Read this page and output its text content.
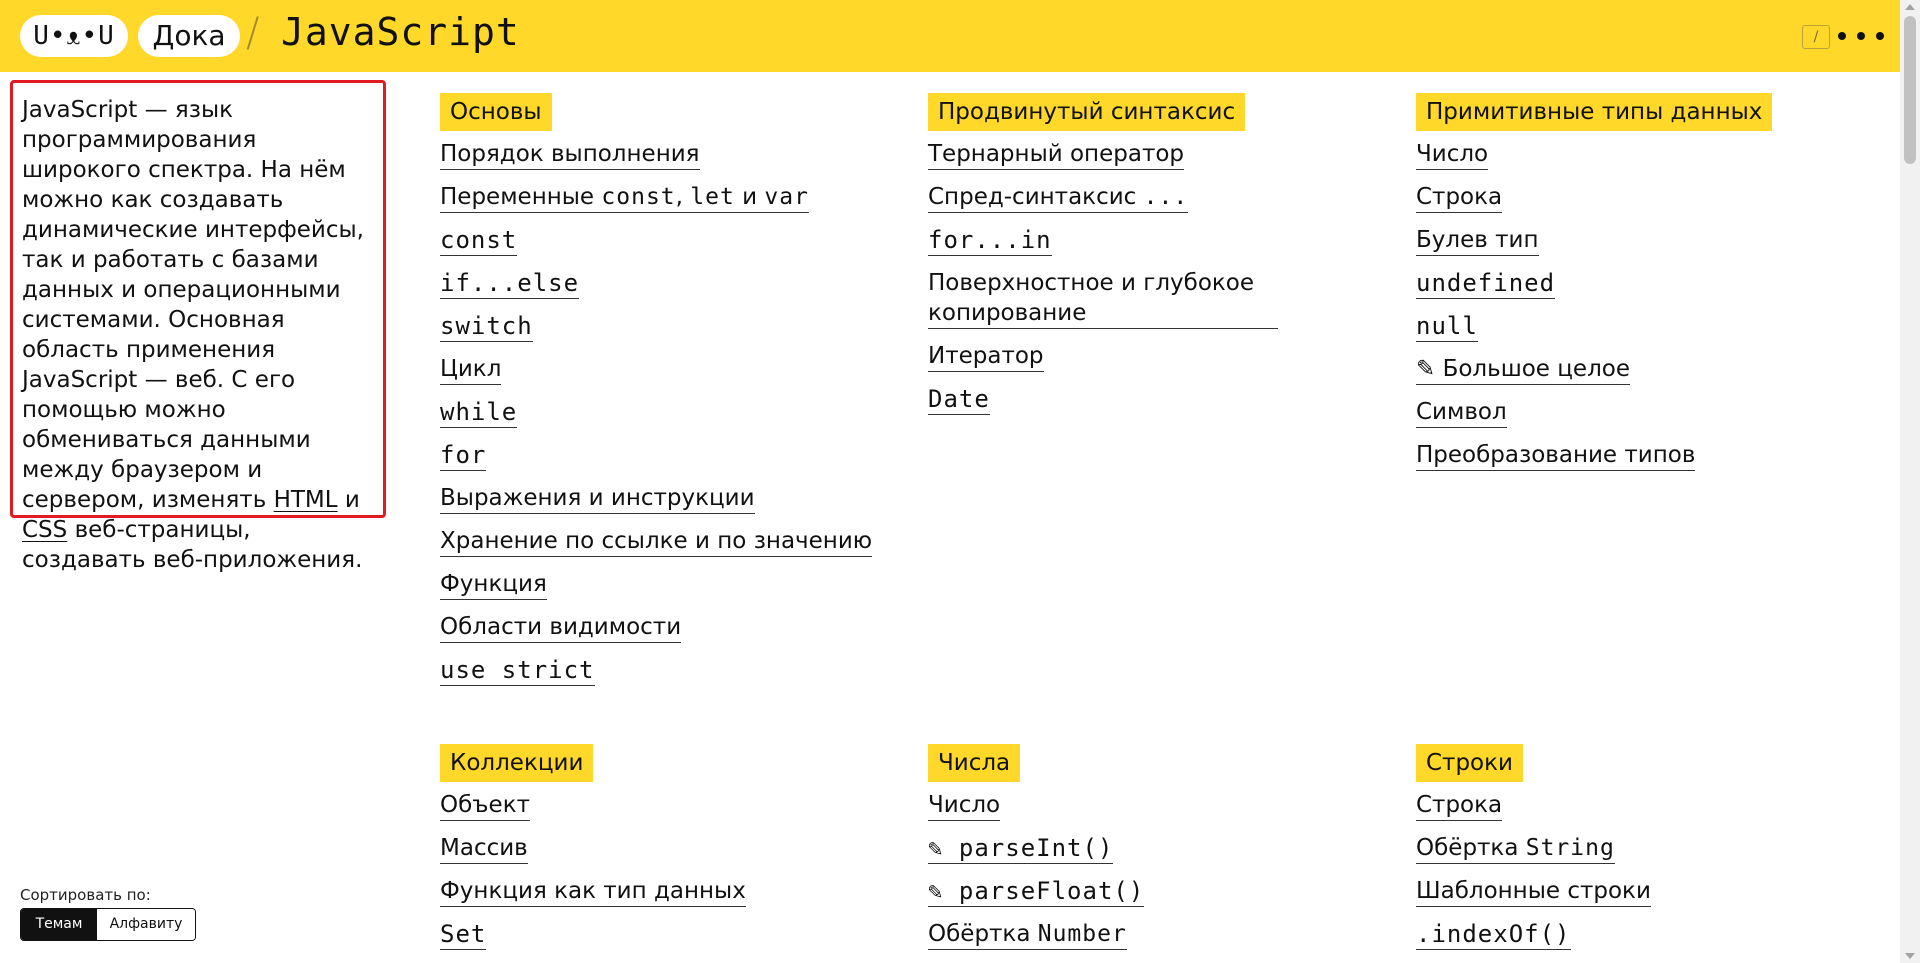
U•ᴥ•U	Дока / JavaScript	/
JavaScript — язык программирования широкого спектра. На нём можно как создавать динамические интерфейсы, так и работать с базами данных и операционными системами. Основная область применения JavaScript — веб. С его помощью можно обмениваться данными между браузером и сервером, изменять HTML и CSS веб-страницы, создавать веб-приложения.
Сортировать по:
Темам	Алфавиту
Основы
Порядок выполнения
Переменные const, let и var
const
if...else
switch
Цикл
while
for
Выражения и инструкции
Хранение по ссылке и по значению
Функция
Области видимости
use strict
Продвинутый синтаксис
Тернарный оператор
Спред-синтаксис ...
for...in
Поверхностное и глубокое копирование
Итератор
Date
Примитивные типы данных
Число
Строка
Булев тип
undefined
null
✎ Большое целое
Символ
Преобразование типов
Коллекции
Объект
Массив
Функция как тип данных
Set
Числа
Число
✎ parseInt()
✎ parseFloat()
Обёртка Number
Строки
Строка
Обёртка String
Шаблонные строки
.indexOf()
